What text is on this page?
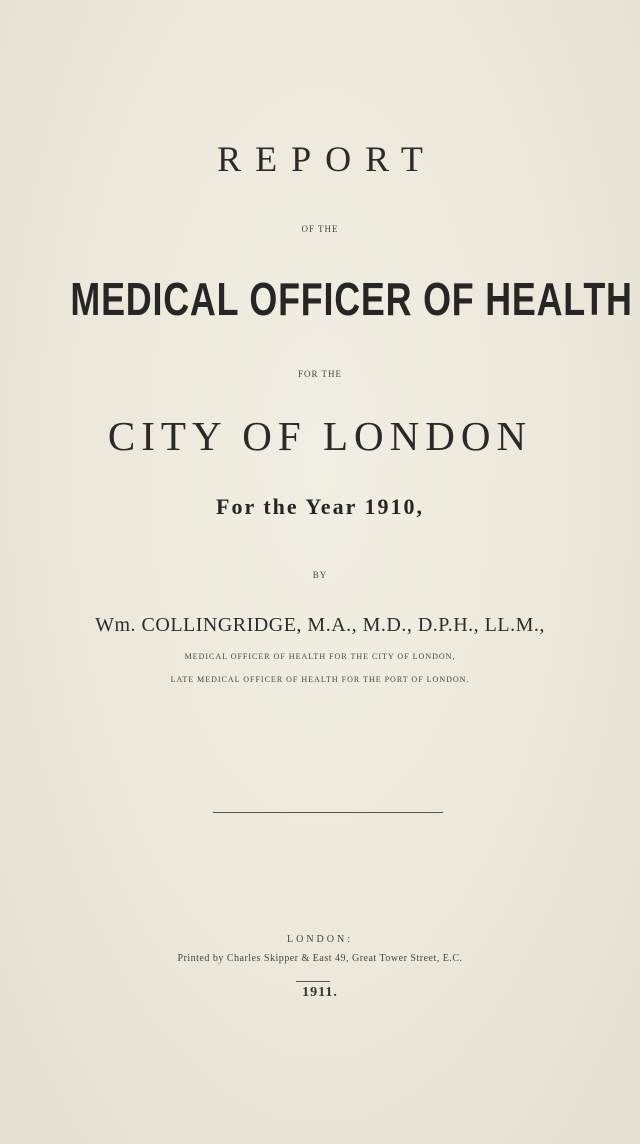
REPORT
OF THE
MEDICAL OFFICER OF HEALTH
FOR THE
CITY OF LONDON
For the Year 1910,
BY
Wm. COLLINGRIDGE, M.A., M.D., D.P.H., LL.M.,
MEDICAL OFFICER OF HEALTH FOR THE CITY OF LONDON,
LATE MEDICAL OFFICER OF HEALTH FOR THE PORT OF LONDON.
LONDON:
Printed by Charles Skipper & East 49, Great Tower Street, E.C.
1911.
